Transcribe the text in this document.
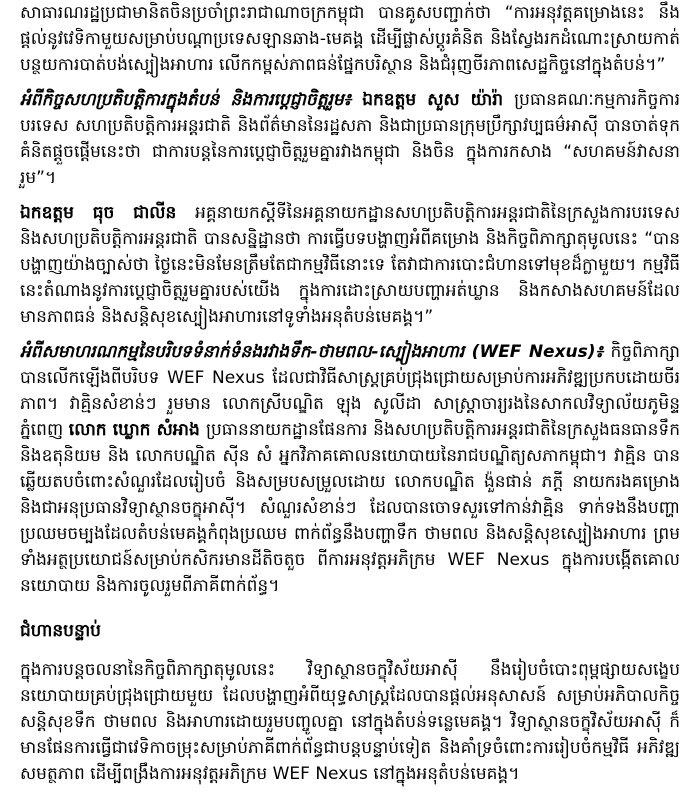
សាធារណរដ្ឋប្រជាមានិតចិនប្រចាំព្រះរាជាណាចក្រកម្ពុជា បានគូសបញ្ជាក់ថា “ការអនុវត្តគម្រោងនេះ នឹងផ្តល់នូវវេទិកាមួយសម្រាប់បណ្តាប្រទេសឡានឆាង-មេគង្គ ដើម្បីផ្លាស់ប្តូរគំនិត និងស្វែងរកដំណោះស្រាយកាត់បន្ថយការបាត់បង់ស្បៀងអាហារ លើកកម្ពស់ភាពធន់ផ្នែកបរិស្ថាន និងជំរុញចីរភាពសេដ្ឋកិច្ចនៅក្នុងតំបន់។”

អំពីកិច្ចសហប្រតិបត្តិការក្នុងតំបន់ និងការប្តេជ្ញាចិត្តរួម៖ ឯកឧត្តម សួស យ៉ារ៉ា ប្រធានគណៈកម្មការកិច្ចការបរទេស សហប្រតិបត្តិការអន្តរជាតិ និងព័ត៌មាននៃរដ្ឋសភា និងជាប្រធានក្រុមប្រឹក្សាវប្បធម៌អាស៊ី បានចាត់ទុកគំនិតផ្តួចផ្តើមនេះថា ជាការបន្តនៃការប្តេជ្ញាចិត្តរួមគ្នារវាងកម្ពុជា និងចិន ក្នុងការកសាង “សហគមន៍វាសនារួម”។

ឯកឧត្តម ធុច ជាលីន អគ្គនាយកស្តីទីនៃអគ្គនាយកដ្ឋានសហប្រតិបត្តិការអន្តរជាតិនៃក្រសួងការបរទេស និងសហប្រតិបត្តិការអន្តរជាតិ បានសន្និដ្ឋានថា ការធ្វើបទបង្ហាញអំពីគម្រោង និងកិច្ចពិភាក្សាតុមូលនេះ “បានបង្ហាញយ៉ាងច្បាស់ថា ថ្ងៃនេះមិនមែនត្រឹមតែជាកម្មវិធីនោះទេ តែវាជាការបោះជំហានទៅមុខដ៏ក្លាមួយ។ កម្មវិធីនេះតំណាងនូវការប្តេជ្ញាចិត្តរួមគ្នារបស់យើង ក្នុងការដោះស្រាយបញ្ហាអត់ឃ្លាន និងកសាងសហគមន៍ដែលមានភាពធន់ និងសន្តិសុខស្បៀងអាហារនៅទូទាំងអនុតំបន់មេគង្គ។”

អំពីសមាហរណកម្មនៃបរិបទទំនាក់ទំនងរវាងទឹក-ថាមពល-ស្បៀងអាហារ (WEF Nexus)៖ កិច្ចពិភាក្សា បានលើកឡើងពីបរិបទ WEF Nexus ដែលជាវិធីសាស្ត្រគ្រប់ជ្រុងជ្រោយសម្រាប់ការអភិវឌ្ឍប្រកបដោយចីរភាព។ វាគ្មិនសំខាន់ៗ រួមមាន លោកស្រីបណ្ឌិត ឡុង សូលីដា សាស្ត្រាចារ្យរងនៃសាកលវិទ្យាល័យភូមិន្ទភ្នំពេញ លោក ឃ្លោក សំអាង ប្រធាននាយកដ្ឋានផែនការ និងសហប្រតិបត្តិការអន្តរជាតិនៃក្រសួងធនធានទឹក និងឧតុនិយម និង លោកបណ្ឌិត ស៊ីន សំ អ្នកវិភាគគោលនយោបាយនៃរាជបណ្ឌិត្យសភាកម្ពុជា។ វាគ្មិន បានឆ្លើយតបចំពោះសំណួរដែលរៀបចំ និងសម្របសម្រួលដោយ លោកបណ្ឌិត ង៉ួនផាន់ ភក្តី នាយករងគម្រោង និងជាអនុប្រធានវិទ្យាស្ថានចក្ខុអាស៊ី។ សំណួរសំខាន់ៗ ដែលបានចោទសួរទៅកាន់វាគ្មិន ទាក់ទងនឹងបញ្ហាប្រឈមចម្បងដែលតំបន់មេគង្គកំពុងប្រឈម ពាក់ព័ន្ធនឹងបញ្ហាទឹក ថាមពល និងសន្តិសុខស្បៀងអាហារ ព្រមទាំងអត្ថប្រយោជន៍សម្រាប់កសិករមានដីតិចតួច ពីការអនុវត្តអភិក្រម WEF Nexus ក្នុងការបង្កើតគោលនយោបាយ និងការចូលរួមពីភាគីពាក់ព័ន្ធ។

ជំហានបន្ទាប់

ក្នុងការបន្តចលនានៃកិច្ចពិភាក្សាតុមូលនេះ វិទ្យាស្ថានចក្ខុវិស័យអាស៊ី នឹងរៀបចំបោះពុម្ពផ្សាយសង្ខេបនយោបាយគ្រប់ជ្រុងជ្រោយមួយ ដែលបង្ហាញអំពីយុទ្ធសាស្ត្រដែលបានផ្តល់អនុសាសន៍ សម្រាប់អភិបាលកិច្ចសន្តិសុខទឹក ថាមពល និងអាហារដោយរួមបញ្ចូលគ្នា នៅក្នុងតំបន់ទន្លេមេគង្គ។ វិទ្យាស្ថានចក្ខុវិស័យអាស៊ី ក៏មានផែនការធ្វើជាវេទិកាចម្រុះសម្រាប់ភាគីពាក់ព័ន្ធជាបន្តបន្ទាប់ទៀត និងគាំទ្រចំពោះការរៀបចំកម្មវិធី អភិវឌ្ឍសមត្ថភាព ដើម្បីពង្រឹងការអនុវត្តអភិក្រម WEF Nexus នៅក្នុងអនុតំបន់មេគង្គ។
